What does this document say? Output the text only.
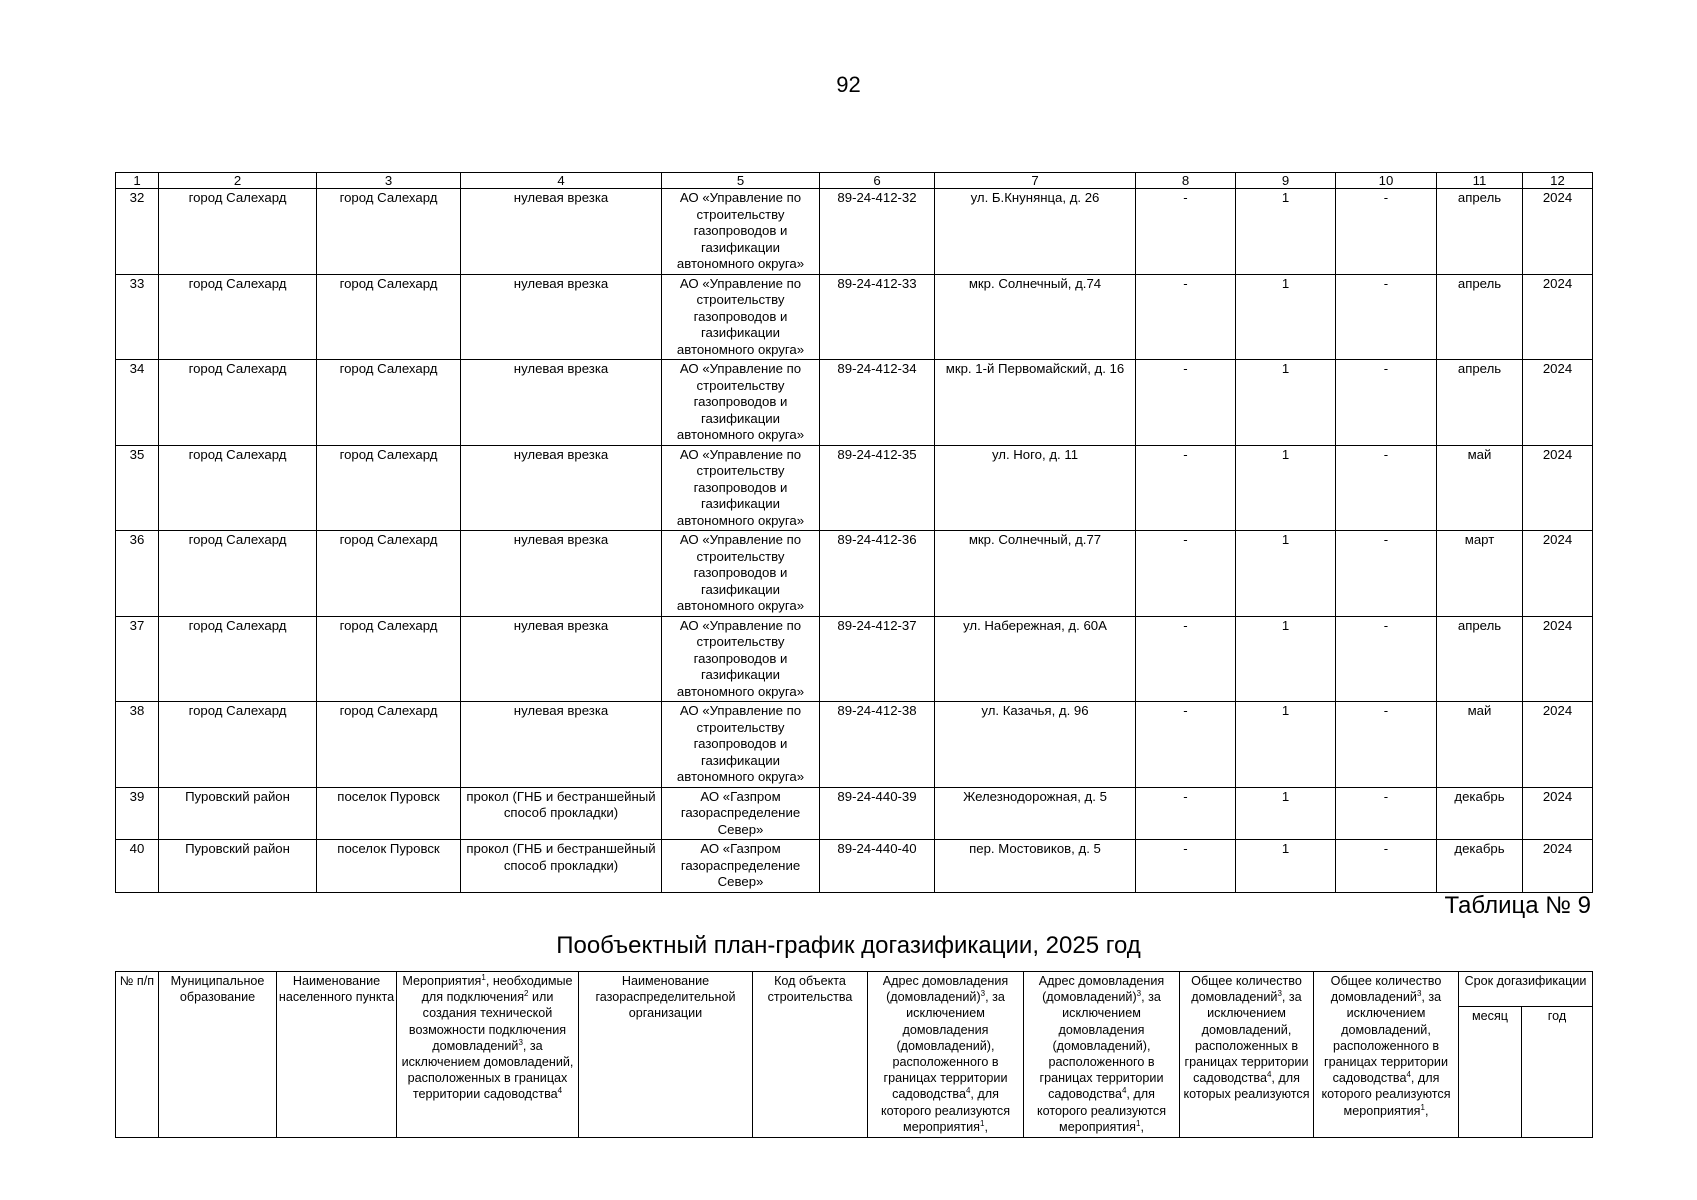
92
1	2	3	4	5	6	7	8	9	10	11	12
32	город Салехард	город Салехард	нулевая врезка	АО «Управление по строительству газопроводов и газификации автономного округа»	89-24-412-32	ул. Б.Кнунянца, д. 26	-	1	-	апрель	2024
33	город Салехард	город Салехард	нулевая врезка	АО «Управление по строительству газопроводов и газификации автономного округа»	89-24-412-33	мкр. Солнечный, д.74	-	1	-	апрель	2024
34	город Салехард	город Салехард	нулевая врезка	АО «Управление по строительству газопроводов и газификации автономного округа»	89-24-412-34	мкр. 1-й Первомайский, д. 16	-	1	-	апрель	2024
35	город Салехард	город Салехард	нулевая врезка	АО «Управление по строительству газопроводов и газификации автономного округа»	89-24-412-35	ул. Ного, д. 11	-	1	-	май	2024
36	город Салехард	город Салехард	нулевая врезка	АО «Управление по строительству газопроводов и газификации автономного округа»	89-24-412-36	мкр. Солнечный, д.77	-	1	-	март	2024
37	город Салехард	город Салехард	нулевая врезка	АО «Управление по строительству газопроводов и газификации автономного округа»	89-24-412-37	ул. Набережная, д. 60А	-	1	-	апрель	2024
38	город Салехард	город Салехард	нулевая врезка	АО «Управление по строительству газопроводов и газификации автономного округа»	89-24-412-38	ул. Казачья, д. 96	-	1	-	май	2024
39	Пуровский район	поселок Пуровск	прокол (ГНБ и бестраншейный способ прокладки)	АО «Газпром газораспределение Север»	89-24-440-39	Железнодорожная, д. 5	-	1	-	декабрь	2024
40	Пуровский район	поселок Пуровск	прокол (ГНБ и бестраншейный способ прокладки)	АО «Газпром газораспределение Север»	89-24-440-40	пер. Мостовиков, д. 5	-	1	-	декабрь	2024
Таблица № 9
Пообъектный план-график догазификации, 2025 год
№ п/п	Муниципальное образование	Наименование населенного пункта	Мероприятия$^1$, необходимые для подключения$^2$ или создания технической возможности подключения домовладений$^3$, за исключением домовладений, расположенных в границах территории садоводства$^4$	Наименование газораспределительной организации	Код объекта строительства	Адрес домовладения (домовладений)$^3$, за исключением домовладения (домовладений), расположенного в границах территории садоводства$^4$, для которого реализуются мероприятия$^1$,	Адрес домовладения (домовладений)$^3$, за исключением домовладения (домовладений), расположенного в границах территории садоводства$^4$, для которого реализуются мероприятия$^1$,	Общее количество домовладений$^3$, за исключением домовладений, расположенных в границах территории садоводства$^4$, для которых реализуются	Общее количество домовладений$^3$, за исключением домовладений, расположенного в границах территории садоводства$^4$, для которого реализуются мероприятия$^1$,	Срок догазификации	
										месяц	год
